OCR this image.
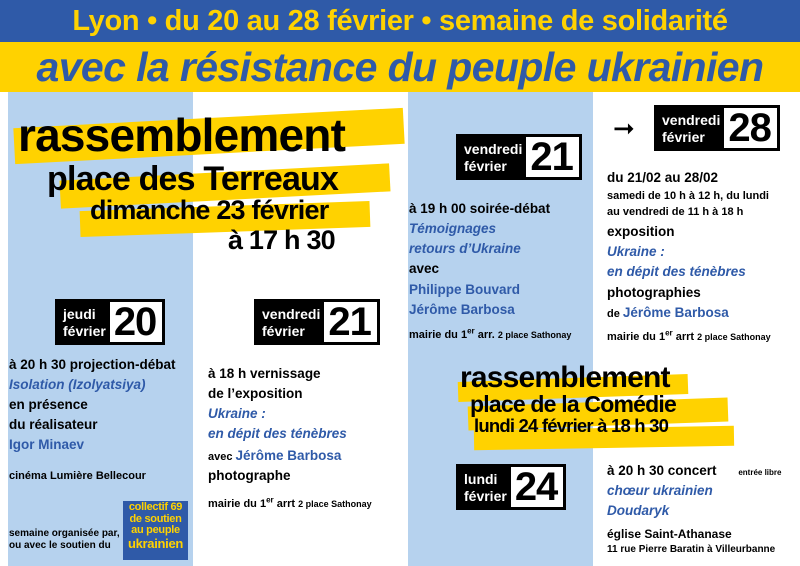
Lyon • du 20 au 28 février • semaine de solidarité
avec la résistance du peuple ukrainien
rassemblement
place des Terreaux
dimanche 23 février
à 17 h 30
jeudi
février 20
à 20 h 30 projection-débat
Isolation (Izolyatsiya)
en présence
du réalisateur
Igor Minaev
cinéma Lumière Bellecour
vendredi
février 21
à 18 h vernissage
de l’exposition
Ukraine :
en dépit des ténèbres
avec Jérôme Barbosa
photographe
mairie du 1er arrt 2 place Sathonay
vendredi
février 21
à 19 h 00 soirée-débat
Témoignages
retours d’Ukraine
avec
Philippe Bouvard
Jérôme Barbosa
mairie du 1er arr. 2 place Sathonay
➞ vendredi
février 28
du 21/02 au 28/02
samedi de 10 h à 12 h, du lundi
au vendredi de 11 h à 18 h
exposition
Ukraine :
en dépit des ténèbres
photographies
de Jérôme Barbosa
mairie du 1er arrt 2 place Sathonay
rassemblement
place de la Comédie
lundi 24 février à 18 h 30
lundi
février 24	à 20 h 30 concert	entrée libre
chœur ukrainien
Doudaryk
église Saint-Athanase
11 rue Pierre Baratin à Villeurbanne
semaine organisée par,
ou avec le soutien du
collectif 69
de soutien
au peuple
ukrainien
